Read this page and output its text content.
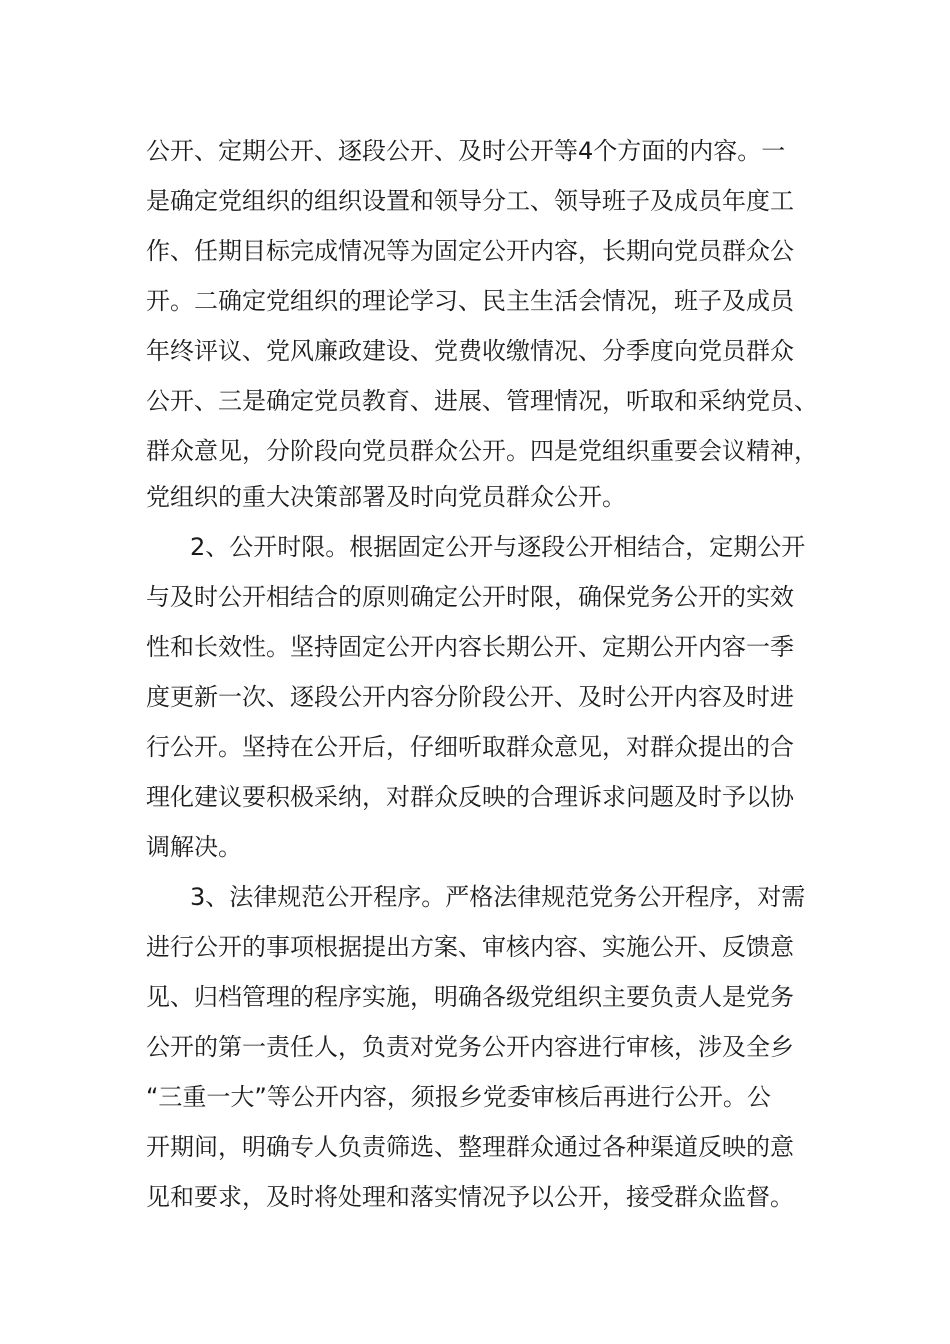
公开、定期公开、逐段公开、及时公开等4个方面的内容。一
是确定党组织的组织设置和领导分工、领导班子及成员年度工
作、任期目标完成情况等为固定公开内容，长期向党员群众公
开。二确定党组织的理论学习、民主生活会情况，班子及成员
年终评议、党风廉政建设、党费收缴情况、分季度向党员群众
公开、三是确定党员教育、进展、管理情况，听取和采纳党员、
群众意见，分阶段向党员群众公开。四是党组织重要会议精神，
党组织的重大决策部署及时向党员群众公开。
2、公开时限。根据固定公开与逐段公开相结合，定期公开
与及时公开相结合的原则确定公开时限，确保党务公开的实效
性和长效性。坚持固定公开内容长期公开、定期公开内容一季
度更新一次、逐段公开内容分阶段公开、及时公开内容及时进
行公开。坚持在公开后，仔细听取群众意见，对群众提出的合
理化建议要积极采纳，对群众反映的合理诉求问题及时予以协
调解决。
3、法律规范公开程序。严格法律规范党务公开程序，对需
进行公开的事项根据提出方案、审核内容、实施公开、反馈意
见、归档管理的程序实施，明确各级党组织主要负责人是党务
公开的第一责任人，负责对党务公开内容进行审核，涉及全乡
“三重一大”等公开内容，须报乡党委审核后再进行公开。公
开期间，明确专人负责筛选、整理群众通过各种渠道反映的意
见和要求，及时将处理和落实情况予以公开，接受群众监督。
